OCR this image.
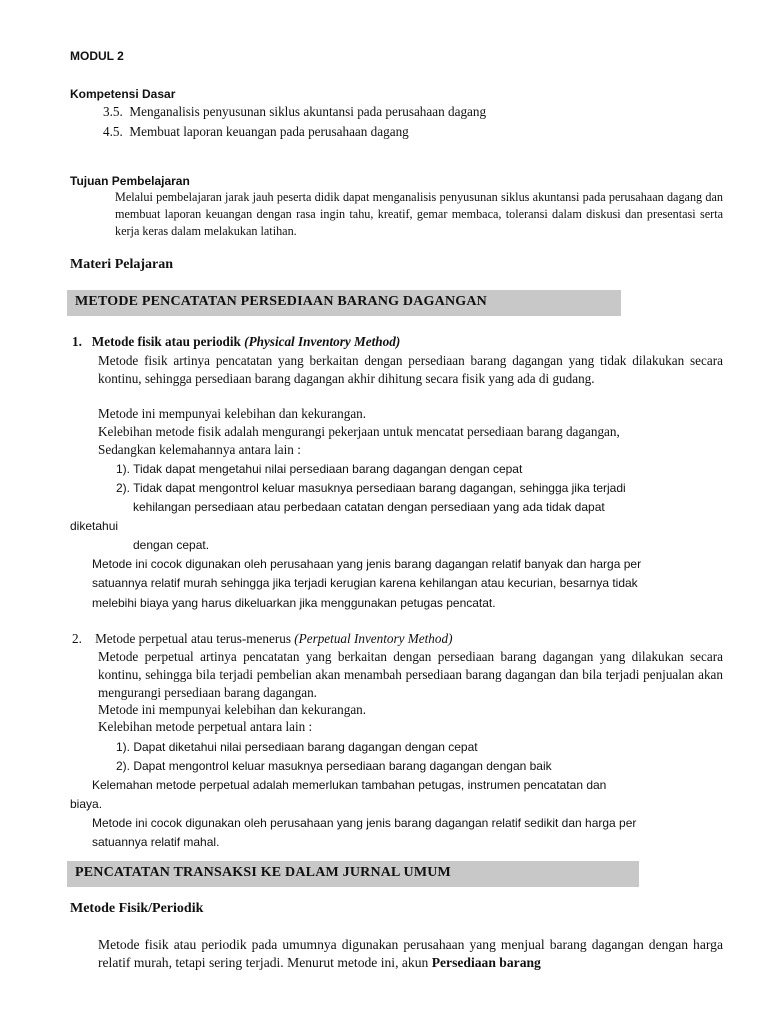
MODUL 2
Kompetensi Dasar
3.5. Menganalisis penyusunan siklus akuntansi pada perusahaan dagang
4.5. Membuat laporan keuangan pada perusahaan dagang
Tujuan Pembelajaran
Melalui pembelajaran jarak jauh peserta didik dapat menganalisis penyusunan siklus akuntansi pada perusahaan dagang dan membuat laporan keuangan dengan rasa ingin tahu, kreatif, gemar membaca, toleransi dalam diskusi dan presentasi serta kerja keras dalam melakukan latihan.
Materi Pelajaran
METODE PENCATATAN PERSEDIAAN BARANG DAGANGAN
1. Metode fisik atau periodik (Physical Inventory Method)
Metode fisik artinya pencatatan yang berkaitan dengan persediaan barang dagangan yang tidak dilakukan secara kontinu, sehingga persediaan barang dagangan akhir dihitung secara fisik yang ada di gudang.
Metode ini mempunyai kelebihan dan kekurangan.
Kelebihan metode fisik adalah mengurangi pekerjaan untuk mencatat persediaan barang dagangan,
Sedangkan kelemahannya antara lain :
1). Tidak dapat mengetahui nilai persediaan barang dagangan dengan cepat
2). Tidak dapat mengontrol keluar masuknya persediaan barang dagangan, sehingga jika terjadi
kehilangan persediaan atau perbedaan catatan dengan persediaan yang ada tidak dapat
diketahui
dengan cepat.
Metode ini cocok digunakan oleh perusahaan yang jenis barang dagangan relatif banyak dan harga per
satuannya relatif murah sehingga jika terjadi kerugian karena kehilangan atau kecurian, besarnya tidak
melebihi biaya yang harus dikeluarkan jika menggunakan petugas pencatat.
2. Metode perpetual atau terus-menerus (Perpetual Inventory Method)
Metode perpetual artinya pencatatan yang berkaitan dengan persediaan barang dagangan yang dilakukan secara kontinu, sehingga bila terjadi pembelian akan menambah persediaan barang dagangan dan bila terjadi penjualan akan mengurangi persediaan barang dagangan.
Metode ini mempunyai kelebihan dan kekurangan.
Kelebihan metode perpetual antara lain :
1). Dapat diketahui nilai persediaan barang dagangan dengan cepat
2). Dapat mengontrol keluar masuknya persediaan barang dagangan dengan baik
Kelemahan metode perpetual adalah memerlukan tambahan petugas, instrumen pencatatan dan
biaya.
Metode ini cocok digunakan oleh perusahaan yang jenis barang dagangan relatif sedikit dan harga per
satuannya relatif mahal.
PENCATATAN TRANSAKSI KE DALAM JURNAL UMUM
Metode Fisik/Periodik
Metode fisik atau periodik pada umumnya digunakan perusahaan yang menjual barang dagangan dengan harga relatif murah, tetapi sering terjadi. Menurut metode ini, akun Persediaan barang
